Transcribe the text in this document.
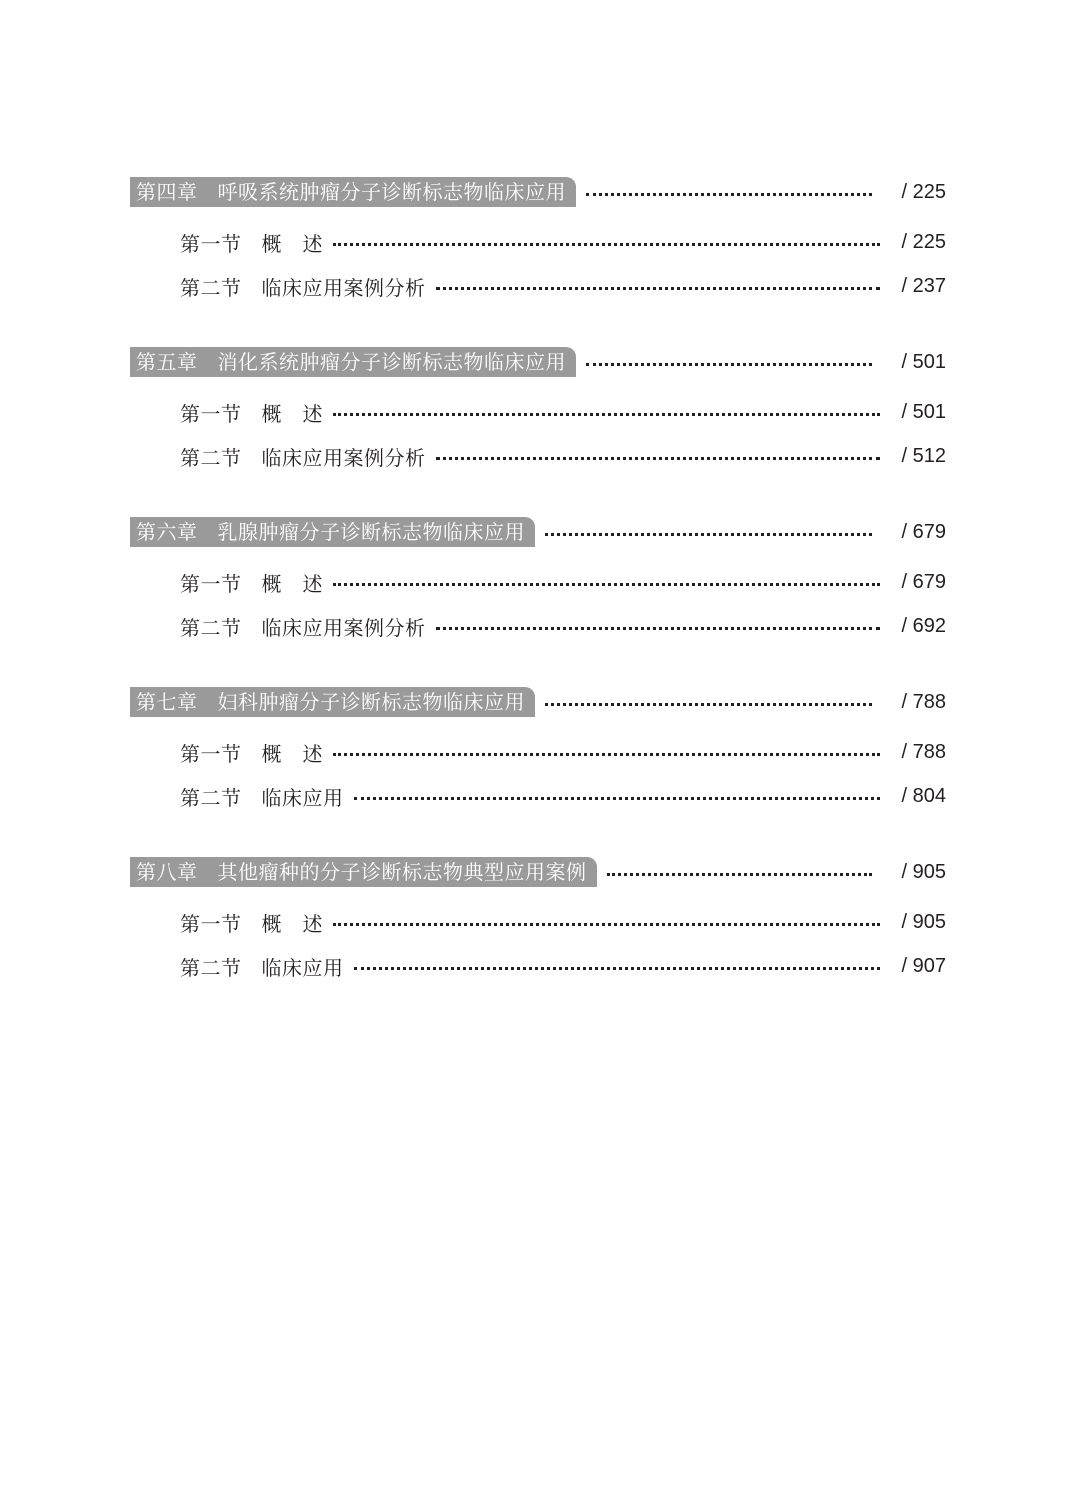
第四章 呼吸系统肿瘤分子诊断标志物临床应用	/ 225
第一节 概　述	/ 225
第二节 临床应用案例分析	/ 237
第五章 消化系统肿瘤分子诊断标志物临床应用	/ 501
第一节 概　述	/ 501
第二节 临床应用案例分析	/ 512
第六章 乳腺肿瘤分子诊断标志物临床应用	/ 679
第一节 概　述	/ 679
第二节 临床应用案例分析	/ 692
第七章 妇科肿瘤分子诊断标志物临床应用	/ 788
第一节 概　述	/ 788
第二节 临床应用	/ 804
第八章 其他瘤种的分子诊断标志物典型应用案例	/ 905
第一节 概　述	/ 905
第二节 临床应用	/ 907
